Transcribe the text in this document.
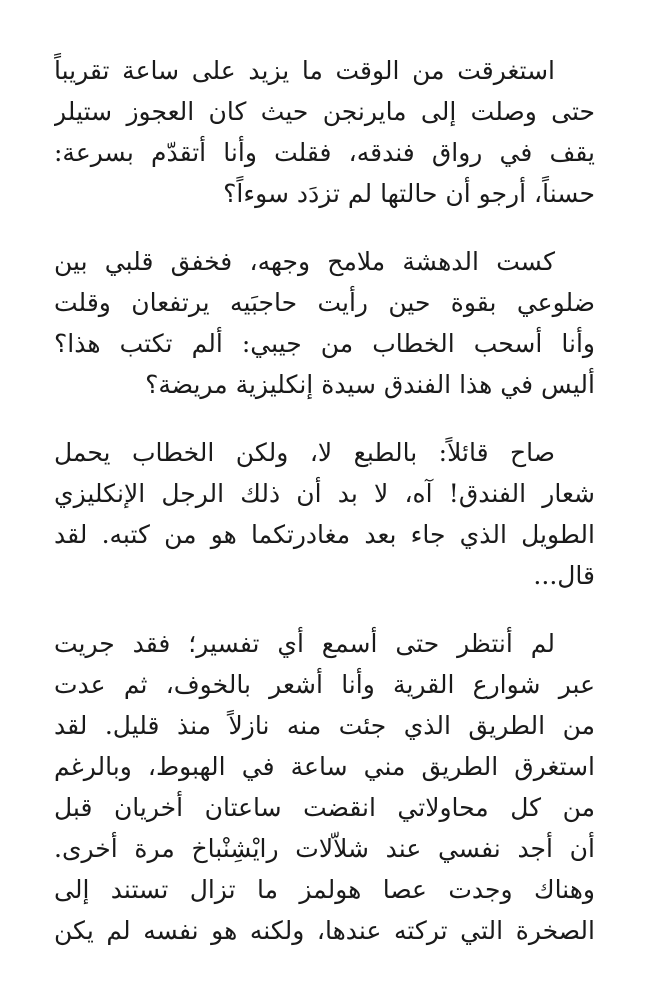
استغرقت من الوقت ما يزيد على ساعة تقريباً
حتى وصلت إلى مايرنجن حيث كان العجوز ستيلر
يقف في رواق فندقه، فقلت وأنا أتقدّم بسرعة:
حسناً، أرجو أن حالتها لم تزدَد سوءاً؟

كست الدهشة ملامح وجهه، فخفق قلبي بين
ضلوعي بقوة حين رأيت حاجبَيه يرتفعان وقلت
وأنا أسحب الخطاب من جيبي: ألم تكتب هذا؟
أليس في هذا الفندق سيدة إنكليزية مريضة؟

صاح قائلاً: بالطبع لا، ولكن الخطاب يحمل
شعار الفندق! آه، لا بد أن ذلك الرجل الإنكليزي
الطويل الذي جاء بعد مغادرتكما هو من كتبه. لقد
قال...

لم أنتظر حتى أسمع أي تفسير؛ فقد جريت
عبر شوارع القرية وأنا أشعر بالخوف، ثم عدت
من الطريق الذي جئت منه نازلاً منذ قليل. لقد
استغرق الطريق مني ساعة في الهبوط، وبالرغم
من كل محاولاتي انقضت ساعتان أخريان قبل
أن أجد نفسي عند شلاّلات رايْشِنْباخ مرة أخرى.
وهناك وجدت عصا هولمز ما تزال تستند إلى
الصخرة التي تركته عندها، ولكنه هو نفسه لم يكن
